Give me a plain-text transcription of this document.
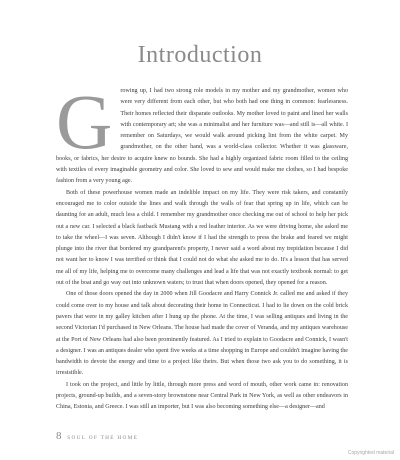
Introduction

G rowing up, I had two strong role models in my mother and my grandmother, women who were very different from each other, but who both had one thing in common: fearlessness. Their homes reflected their disparate outlooks. My mother loved to paint and lined her walls with contemporary art; she was a minimalist and her furniture was—and still is—all white. I remember on Saturdays, we would walk around picking lint from the white carpet. My grandmother, on the other hand, was a world-class collector. Whether it was glassware, books, or fabrics, her desire to acquire knew no bounds. She had a highly organized fabric room filled to the ceiling with textiles of every imaginable geometry and color. She loved to sew and would make me clothes, so I had bespoke fashion from a very young age.

Both of these powerhouse women made an indelible impact on my life. They were risk takers, and constantly encouraged me to color outside the lines and walk through the walls of fear that spring up in life, which can be daunting for an adult, much less a child. I remember my grandmother once checking me out of school to help her pick out a new car. I selected a black fastback Mustang with a red leather interior. As we were driving home, she asked me to take the wheel—I was seven. Although I didn't know if I had the strength to press the brake and feared we might plunge into the river that bordered my grandparent's property, I never said a word about my trepidation because I did not want her to know I was terrified or think that I could not do what she asked me to do. It's a lesson that has served me all of my life, helping me to overcome many challenges and lead a life that was not exactly textbook normal: to get out of the boat and go way out into unknown waters; to trust that when doors opened, they opened for a reason.

One of those doors opened the day in 2000 when Jill Goodacre and Harry Connick Jr. called me and asked if they could come over to my house and talk about decorating their home in Connecticut. I had to lie down on the cold brick pavers that were in my galley kitchen after I hung up the phone. At the time, I was selling antiques and living in the second Victorian I'd purchased in New Orleans. The house had made the cover of Veranda, and my antiques warehouse at the Port of New Orleans had also been prominently featured. As I tried to explain to Goodacre and Connick, I wasn't a designer. I was an antiques dealer who spent five weeks at a time shopping in Europe and couldn't imagine having the bandwidth to devote the energy and time to a project like theirs. But when those two ask you to do something, it is irresistible.

I took on the project, and little by little, through more press and word of mouth, other work came in: renovation projects, ground-up builds, and a seven-story brownstone near Central Park in New York, as well as other endeavors in China, Estonia, and Greece. I was still an importer, but I was also becoming something else—a designer—and

8 SOUL OF THE HOME
Copyrighted material
